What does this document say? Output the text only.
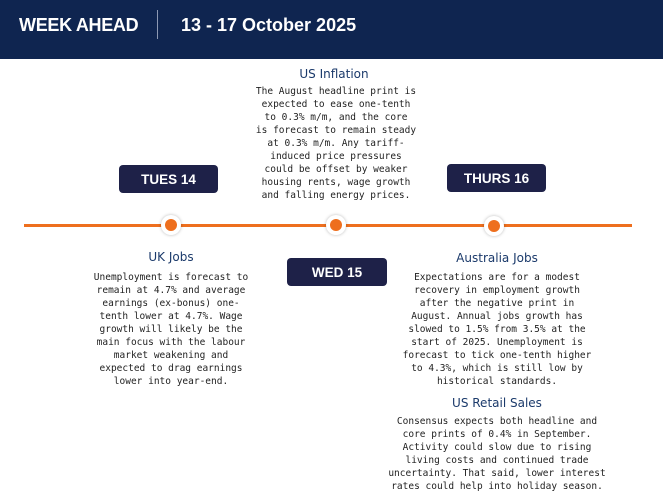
WEEK AHEAD 13 - 17 October 2025
US Inflation
The August headline print is
expected to ease one-tenth
to 0.3% m/m, and the core
is forecast to remain steady
at 0.3% m/m. Any tariff-
induced price pressures
could be offset by weaker
housing rents, wage growth
and falling energy prices.
TUES 14	THURS 16
WED 15
UK Jobs
Unemployment is forecast to
remain at 4.7% and average
earnings (ex-bonus) one-
tenth lower at 4.7%. Wage
growth will likely be the
main focus with the labour
market weakening and
expected to drag earnings
lower into year-end.
Australia Jobs
Expectations are for a modest
recovery in employment growth
after the negative print in
August. Annual jobs growth has
slowed to 1.5% from 3.5% at the
start of 2025. Unemployment is
forecast to tick one-tenth higher
to 4.3%, which is still low by
historical standards.
US Retail Sales
Consensus expects both headline and
core prints of 0.4% in September.
Activity could slow due to rising
living costs and continued trade
uncertainty. That said, lower interest
rates could help into holiday season.
